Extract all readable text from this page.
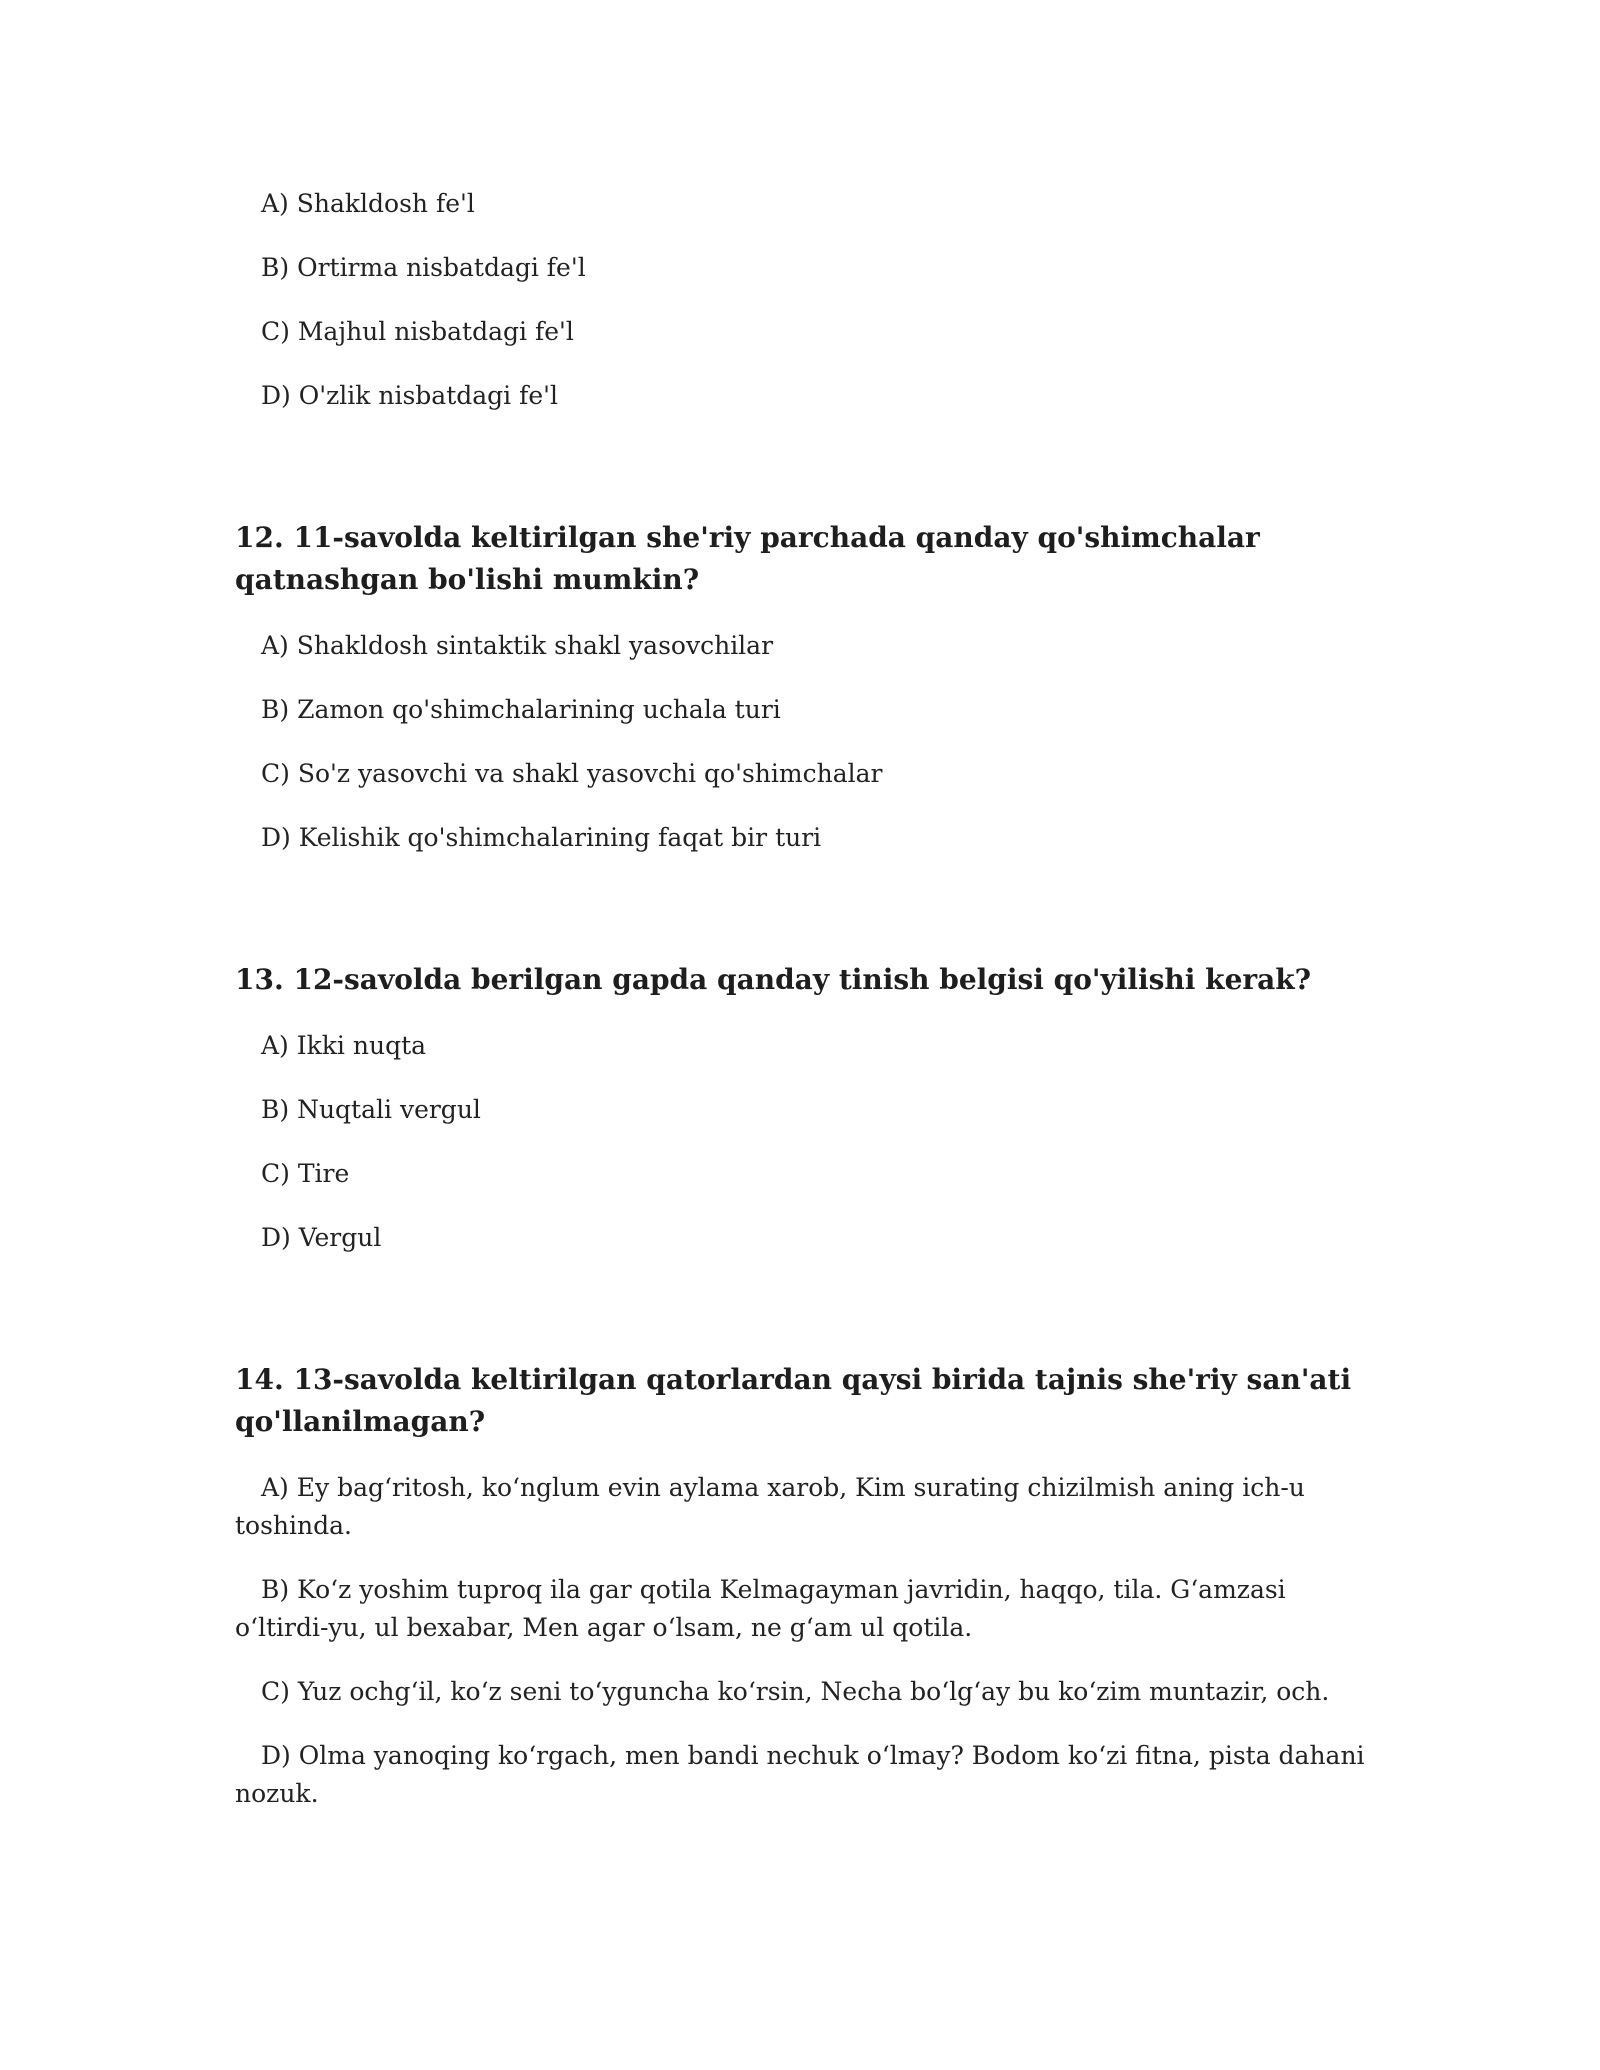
A) Shakldosh fe'l

B) Ortirma nisbatdagi fe'l

C) Majhul nisbatdagi fe'l

D) O'zlik nisbatdagi fe'l

12. 11-savolda keltirilgan she'riy parchada qanday qo'shimchalar qatnashgan bo'lishi mumkin?

A) Shakldosh sintaktik shakl yasovchilar

B) Zamon qo'shimchalarining uchala turi

C) So'z yasovchi va shakl yasovchi qo'shimchalar

D) Kelishik qo'shimchalarining faqat bir turi

13. 12-savolda berilgan gapda qanday tinish belgisi qo'yilishi kerak?

A) Ikki nuqta

B) Nuqtali vergul

C) Tire

D) Vergul

14. 13-savolda keltirilgan qatorlardan qaysi birida tajnis she'riy san'ati qo'llanilmagan?

A) Ey bag‘ritosh, ko‘nglum evin aylama xarob, Kim surating chizilmish aning ich-u toshinda.

B) Ko‘z yoshim tuproq ila gar qotila Kelmagayman javridin, haqqo, tila. G‘amzasi o‘ltirdi-yu, ul bexabar, Men agar o‘lsam, ne g‘am ul qotila.

C) Yuz ochg‘il, ko‘z seni to‘yguncha ko‘rsin, Necha bo‘lg‘ay bu ko‘zim muntazir, och.

D) Olma yanoqing ko‘rgach, men bandi nechuk o‘lmay? Bodom ko‘zi fitna, pista dahani nozuk.
